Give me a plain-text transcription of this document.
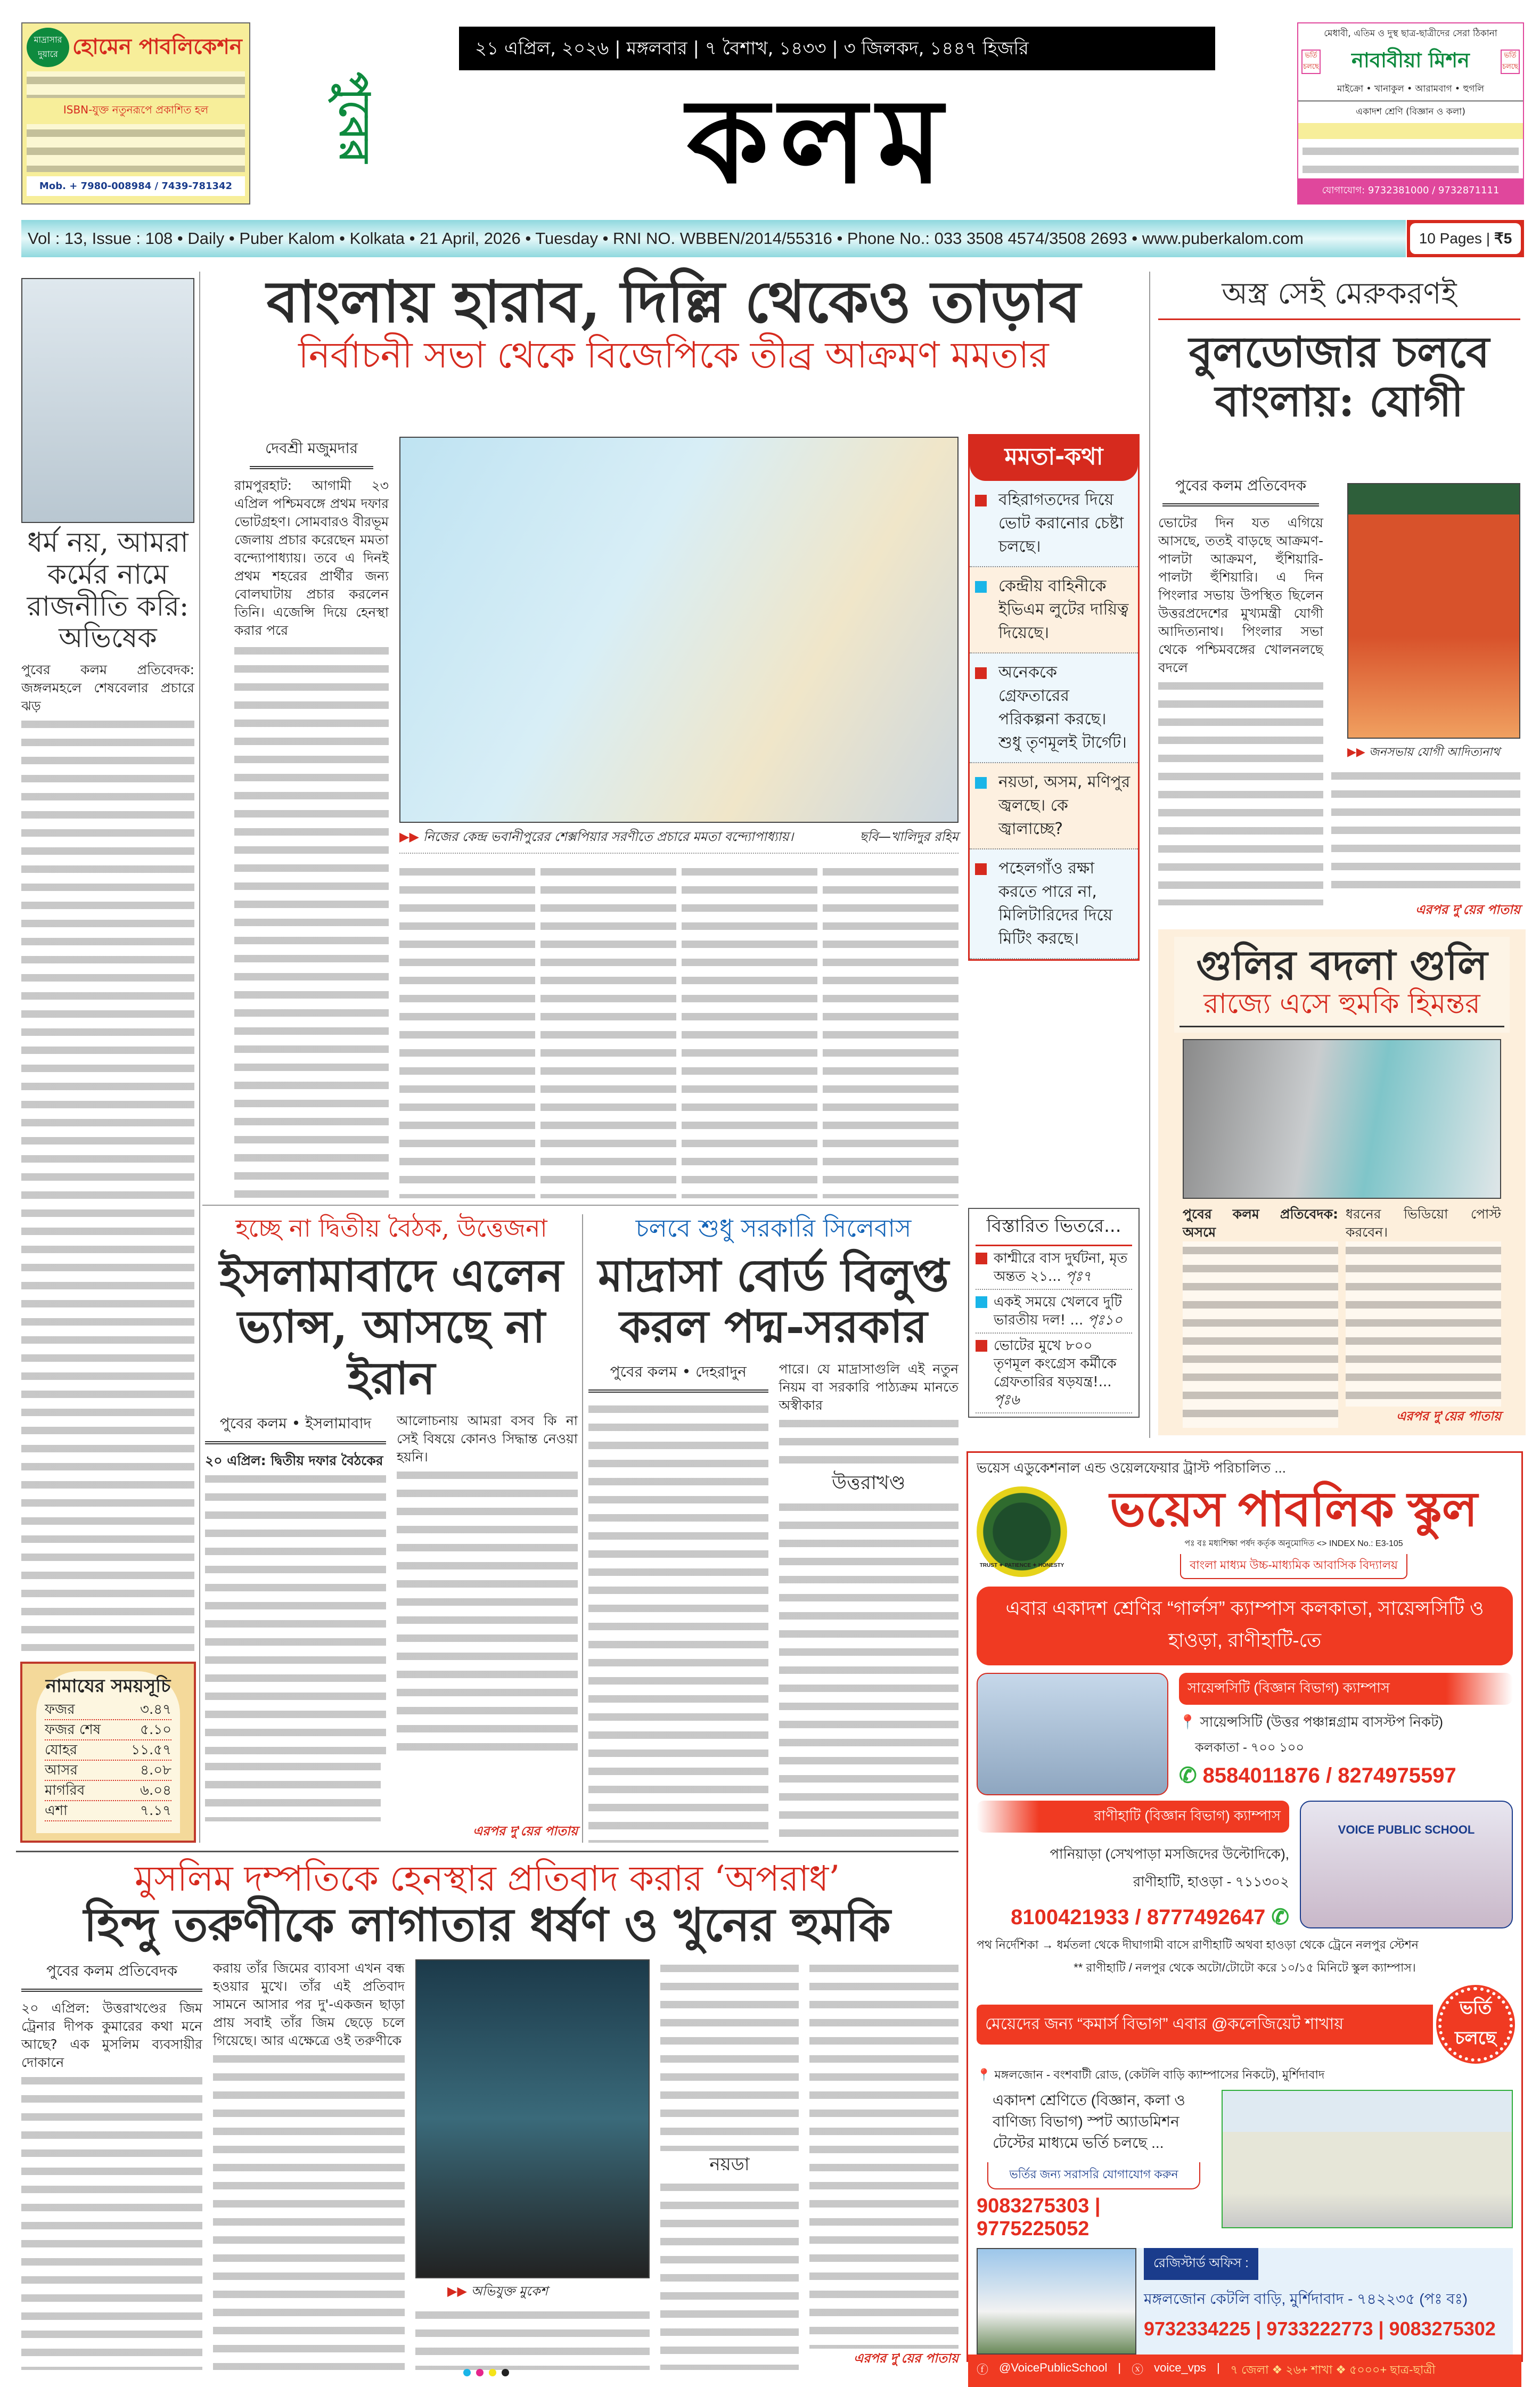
মাদ্রাসার দুয়ারে হোমেন পাবলিকেশন
ISBN-যুক্ত নতুনরূপে প্রকাশিত হল
Mob. + 7980-008984 / 7439-781342
পুবের
২১ এপ্রিল, ২০২৬ | মঙ্গলবার | ৭ বৈশাখ, ১৪৩৩ | ৩ জিলকদ, ১৪৪৭ হিজরি
কলম
মেধাবী, এতিম ও দুস্থ ছাত্র-ছাত্রীদের সেরা ঠিকানা
ভর্তি চলছে নাবাবীয়া মিশন	ভর্তি চলছে
মাইক্রো • খানাকুল • আরামবাগ • হুগলি
একাদশ শ্রেণি (বিজ্ঞান ও কলা)
যোগাযোগ: 9732381000 / 9732871111
Vol : 13, Issue : 108 • Daily • Puber Kalom • Kolkata • 21 April, 2026 • Tuesday • RNI NO. WBBEN/2014/55316 • Phone No.: 033 3508 4574/3508 2693 • www.puberkalom.com	10 Pages | ₹5
ধর্ম নয়, আমরা কর্মের নামে রাজনীতি করি: অভিষেক
পুবের কলম প্রতিবেদক: জঙ্গলমহলে শেষবেলার প্রচারে ঝড়
নামাযের সময়সূচি
ফজর	৩.৪৭
ফজর শেষ	৫.১০
যোহর	১১.৫৭
আসর	৪.০৮
মাগরিব	৬.০৪
এশা	৭.১৭
বাংলায় হারাব, দিল্লি থেকেও তাড়াব
নির্বাচনী সভা থেকে বিজেপিকে তীব্র আক্রমণ মমতার
দেবশ্রী মজুমদার
রামপুরহাট: আগামী ২৩ এপ্রিল পশ্চিমবঙ্গে প্রথম দফার ভোটগ্রহণ। সোমবারও বীরভূম জেলায় প্রচার করেছেন মমতা বন্দ্যোপাধ্যায়। তবে এ দিনই প্রথম শহরের প্রার্থীর জন্য বোলঘাটায় প্রচার করলেন তিনি। এজেন্সি দিয়ে হেনস্থা করার পরে
▶▶ নিজের কেন্দ্র ভবানীপুরের শেক্সপিয়ার সরণীতে প্রচারে মমতা বন্দ্যোপাধ্যায়।	ছবি—খালিদুর রহিম
মমতা-কথা
বহিরাগতদের দিয়ে ভোট করানোর চেষ্টা চলছে।
কেন্দ্রীয় বাহিনীকে ইভিএম লুটের দায়িত্ব দিয়েছে।
অনেককে গ্রেফতারের পরিকল্পনা করছে। শুধু তৃণমূলই টার্গেট।
নয়ডা, অসম, মণিপুর জ্বলছে। কে জ্বালাচ্ছে?
পহেলগাঁও রক্ষা করতে পারে না, মিলিটারিদের দিয়ে মিটিং করছে।
অস্ত্র সেই মেরুকরণই
বুলডোজার চলবে বাংলায়: যোগী
পুবের কলম প্রতিবেদক
ভোটের দিন যত এগিয়ে আসছে, ততই বাড়ছে আক্রমণ-পালটা আক্রমণ, হুঁশিয়ারি-পালটা হুঁশিয়ারি। এ দিন পিংলার সভায় উপস্থিত ছিলেন উত্তরপ্রদেশের মুখ্যমন্ত্রী যোগী আদিত্যনাথ। পিংলার সভা থেকে পশ্চিমবঙ্গের খোলনলছে বদলে
▶▶ জনসভায় যোগী আদিত্যনাথ
এরপর দু'য়ের পাতায়
গুলির বদলা গুলি
রাজ্যে এসে হুমকি হিমন্তর
পুবের কলম প্রতিবেদক: অসমে
ধরনের ভিডিয়ো পোস্ট করবেন।
এরপর দু'য়ের পাতায়
হচ্ছে না দ্বিতীয় বৈঠক, উত্তেজনা
ইসলামাবাদে এলেন ভ্যান্স, আসছে না ইরান
পুবের কলম • ইসলামাবাদ
২০ এপ্রিল: দ্বিতীয় দফার বৈঠকের
আলোচনায় আমরা বসব কি না সেই বিষয়ে কোনও সিদ্ধান্ত নেওয়া হয়নি।
এরপর দু'য়ের পাতায়
চলবে শুধু সরকারি সিলেবাস
মাদ্রাসা বোর্ড বিলুপ্ত করল পদ্ম-সরকার
পুবের কলম • দেহরাদুন	পারে। যে মাদ্রাসাগুলি এই নতুন নিয়ম বা সরকারি পাঠ্যক্রম মানতে অস্বীকার
উত্তরাখণ্ড
বিস্তারিত ভিতরে...
কাশ্মীরে বাস দুর্ঘটনা, মৃত অন্তত ২১... পৃঃ৭
একই সময়ে খেলবে দুটি ভারতীয় দল! ... পৃঃ১০
ভোটের মুখে ৮০০ তৃণমূল কংগ্রেস কর্মীকে গ্রেফতারির ষড়যন্ত্র!... পৃঃ৬
মুসলিম দম্পতিকে হেনস্থার প্রতিবাদ করার ‘অপরাধ’
হিন্দু তরুণীকে লাগাতার ধর্ষণ ও খুনের হুমকি
পুবের কলম প্রতিবেদক
২০ এপ্রিল: উত্তরাখণ্ডের জিম ট্রেনার দীপক কুমারের কথা মনে আছে? এক মুসলিম ব্যবসায়ীর দোকানে
করায় তাঁর জিমের ব্যাবসা এখন বন্ধ হওয়ার মুখে। তাঁর এই প্রতিবাদ সামনে আসার পর দু'-একজন ছাড়া প্রায় সবাই তাঁর জিম ছেড়ে চলে গিয়েছে। আর এক্ষেত্রে ওই তরুণীকে
▶▶ অভিযুক্ত মুকেশ
নয়ডা
এরপর দু'য়ের পাতায়
ভয়েস এডুকেশনাল এন্ড ওয়েলফেয়ার ট্রাস্ট পরিচালিত ...
TRUST ✦ PATIENCE ✦ HONESTY
ভয়েস পাবলিক স্কুল
পঃ বঃ মধ্যশিক্ষা পর্ষদ কর্তৃক অনুমোদিত <> INDEX No.: E3-105
বাংলা মাধ্যম উচ্চ-মাধ্যমিক আবাসিক বিদ্যালয়
এবার একাদশ শ্রেণির “গার্লস” ক্যাম্পাস কলকাতা, সায়েন্সসিটি ও হাওড়া, রাণীহাটি-তে
সায়েন্সসিটি (বিজ্ঞান বিভাগ) ক্যাম্পাস
📍 সায়েন্সসিটি (উত্তর পঞ্চান্নগ্রাম বাসস্টপ নিকট)
কলকাতা - ৭০০ ১০০
✆ 8584011876 / 8274975597
রাণীহাটি (বিজ্ঞান বিভাগ) ক্যাম্পাস
পানিয়াড়া (সেখপাড়া মসজিদের উল্টোদিকে),
রাণীহাটি, হাওড়া - ৭১১৩০২
8100421933 / 8777492647 ✆
VOICE PUBLIC SCHOOL
পথ নির্দেশিকা → ধর্মতলা থেকে দীঘাগামী বাসে রাণীহাটি অথবা হাওড়া থেকে ট্রেনে নলপুর স্টেশন
** রাণীহাটি / নলপুর থেকে অটো/টোটো করে ১০/১৫ মিনিটে স্কুল ক্যাম্পাস।
মেয়েদের জন্য “কমার্স বিভাগ” এবার @কলেজিয়েট শাখায়
ভর্তি চলছে
📍 মঙ্গলজোন - বংশবাটী রোড, (কেটলি বাড়ি ক্যাম্পাসের নিকটে), মুর্শিদাবাদ
একাদশ শ্রেণিতে (বিজ্ঞান, কলা ও বাণিজ্য বিভাগ) স্পট অ্যাডমিশন টেস্টের মাধ্যমে ভর্তি চলছে ...
ভর্তির জন্য সরাসরি যোগাযোগ করুন
9083275303 | 9775225052
রেজিস্টার্ড অফিস :
মঙ্গলজোন কেটলি বাড়ি, মুর্শিদাবাদ - ৭৪২২৩৫ (পঃ বঃ)
9732334225 | 9733222773 | 9083275302
ⓕ @VoicePublicSchool | ⓧ voice_vps | ৭ জেলা ❖ ২৬+ শাখা ❖ ৫০০০+ ছাত্র-ছাত্রী
